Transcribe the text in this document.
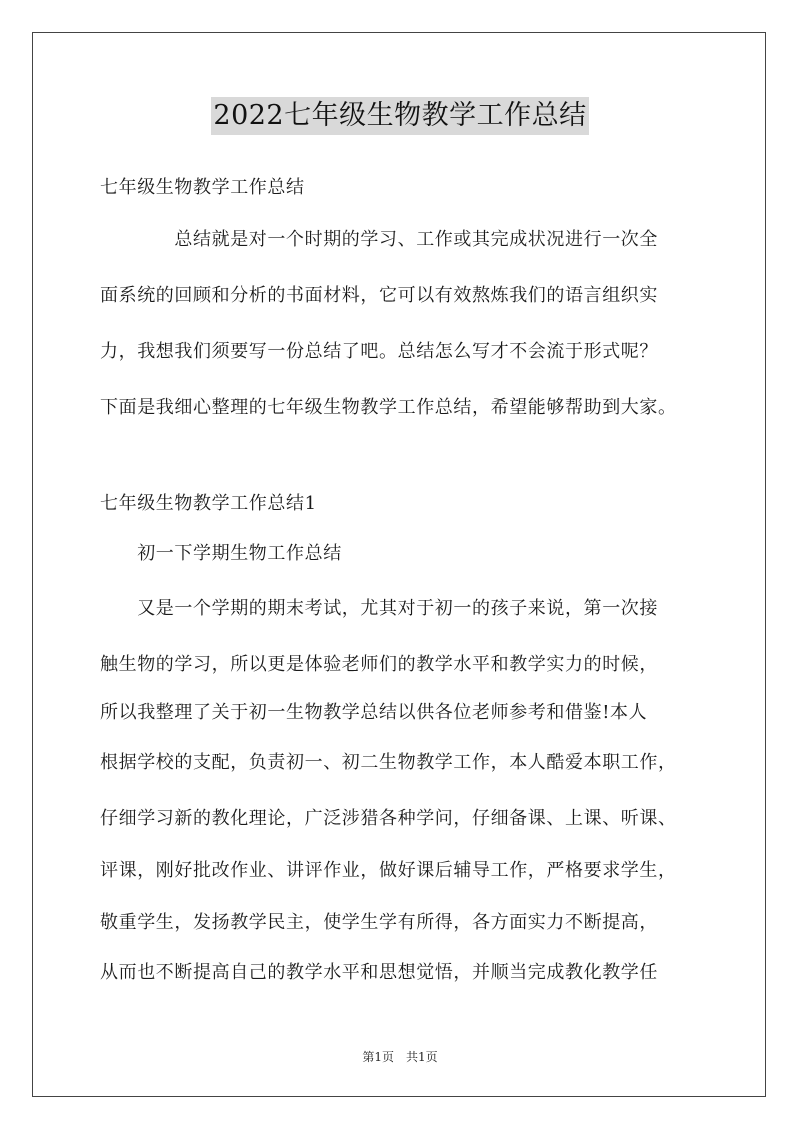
2022七年级生物教学工作总结
七年级生物教学工作总结
　　　　总结就是对一个时期的学习、工作或其完成状况进行一次全
面系统的回顾和分析的书面材料，它可以有效熬炼我们的语言组织实
力，我想我们须要写一份总结了吧。总结怎么写才不会流于形式呢？
下面是我细心整理的七年级生物教学工作总结，希望能够帮助到大家。
七年级生物教学工作总结1
　　初一下学期生物工作总结
　　又是一个学期的期末考试，尤其对于初一的孩子来说，第一次接
触生物的学习，所以更是体验老师们的教学水平和教学实力的时候，
所以我整理了关于初一生物教学总结以供各位老师参考和借鉴!本人
根据学校的支配，负责初一、初二生物教学工作，本人酷爱本职工作，
仔细学习新的教化理论，广泛涉猎各种学问，仔细备课、上课、听课、
评课，刚好批改作业、讲评作业，做好课后辅导工作，严格要求学生，
敬重学生，发扬教学民主，使学生学有所得，各方面实力不断提高，
从而也不断提高自己的教学水平和思想觉悟，并顺当完成教化教学任
第1页　共1页
